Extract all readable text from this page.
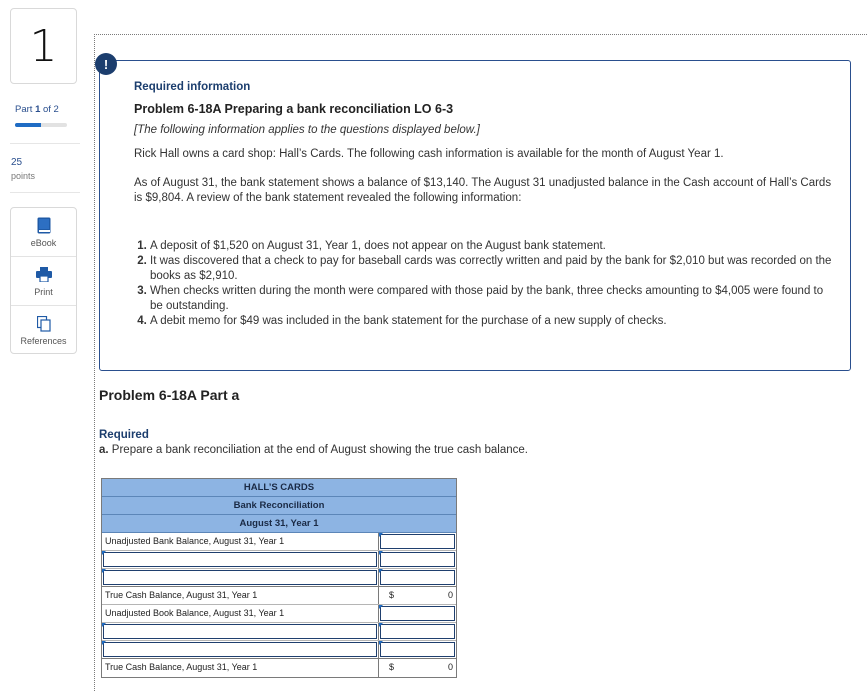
1
Part 1 of 2
25
points
eBook
Print
References
!
Required information
Problem 6-18A Preparing a bank reconciliation LO 6-3
[The following information applies to the questions displayed below.]
Rick Hall owns a card shop: Hall’s Cards. The following cash information is available for the month of August Year 1.
As of August 31, the bank statement shows a balance of $13,140. The August 31 unadjusted balance in the Cash account of Hall’s Cards is $9,804. A review of the bank statement revealed the following information:
1. A deposit of $1,520 on August 31, Year 1, does not appear on the August bank statement.
2. It was discovered that a check to pay for baseball cards was correctly written and paid by the bank for $2,010 but was recorded on the books as $2,910.
3. When checks written during the month were compared with those paid by the bank, three checks amounting to $4,005 were found to be outstanding.
4. A debit memo for $49 was included in the bank statement for the purchase of a new supply of checks.
Problem 6-18A Part a
Required
a. Prepare a bank reconciliation at the end of August showing the true cash balance.
HALL’S CARDS
Bank Reconciliation
August 31, Year 1
Unadjusted Bank Balance, August 31, Year 1
True Cash Balance, August 31, Year 1	$	0
Unadjusted Book Balance, August 31, Year 1
True Cash Balance, August 31, Year 1	$	0
